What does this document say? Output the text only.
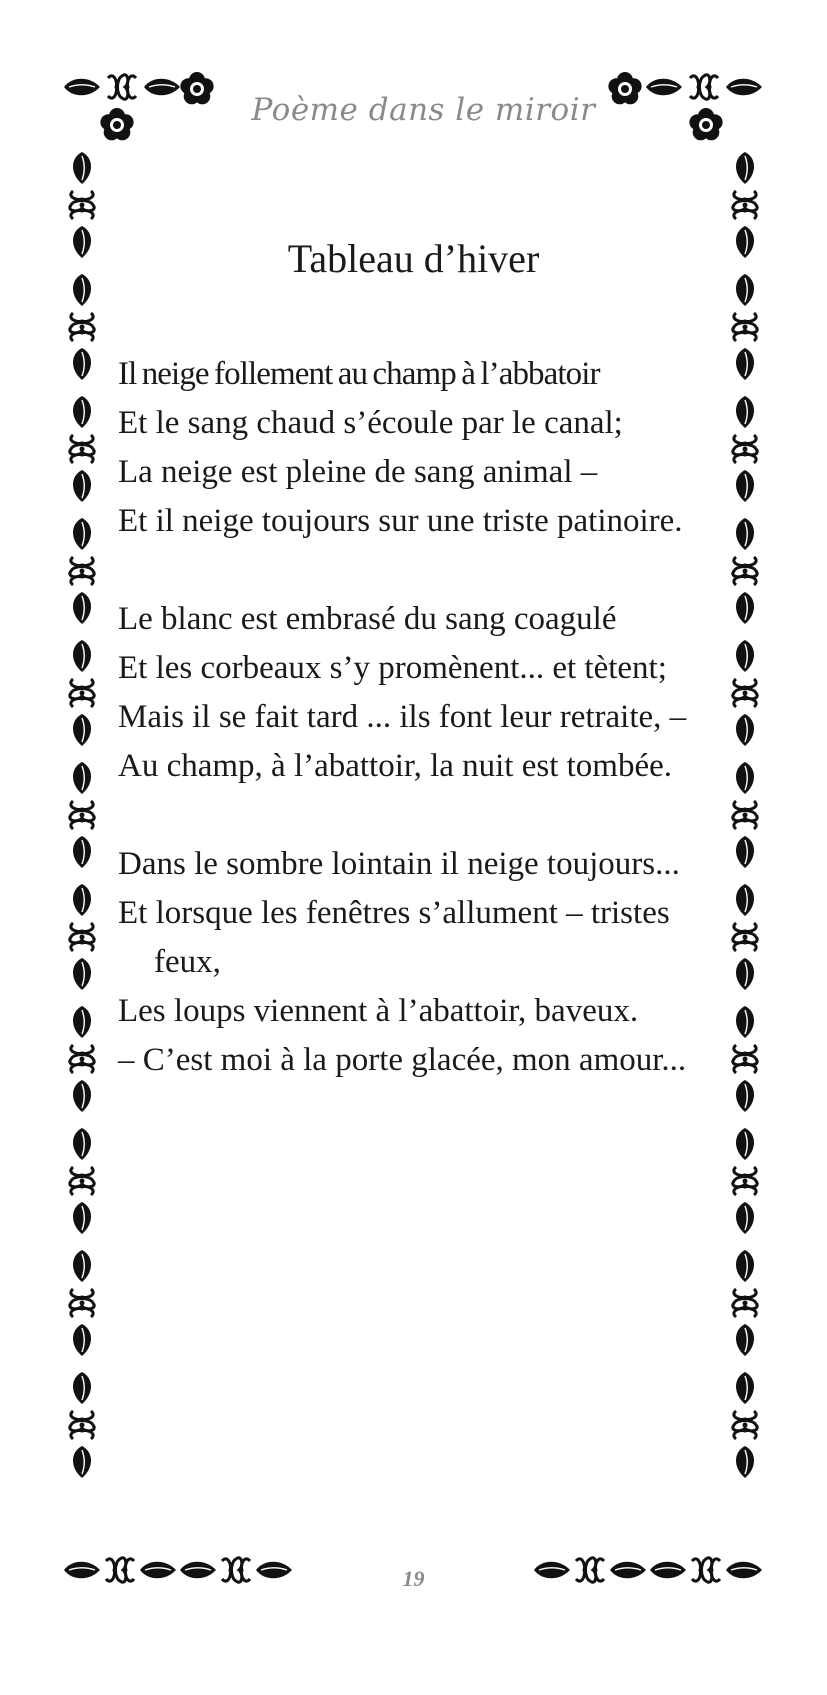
Poème dans le miroir
Tableau d’hiver
Il neige follement au champ à l’abbatoir
Et le sang chaud s’écoule par le canal;
La neige est pleine de sang animal –
Et il neige toujours sur une triste patinoire.
Le blanc est embrasé du sang coagulé
Et les corbeaux s’y promènent... et tètent;
Mais il se fait tard ... ils font leur retraite, –
Au champ, à l’abattoir, la nuit est tombée.
Dans le sombre lointain il neige toujours...
Et lorsque les fenêtres s’allument – tristes feux,
Les loups viennent à l’abattoir, baveux.
– C’est moi à la porte glacée, mon amour...
19
